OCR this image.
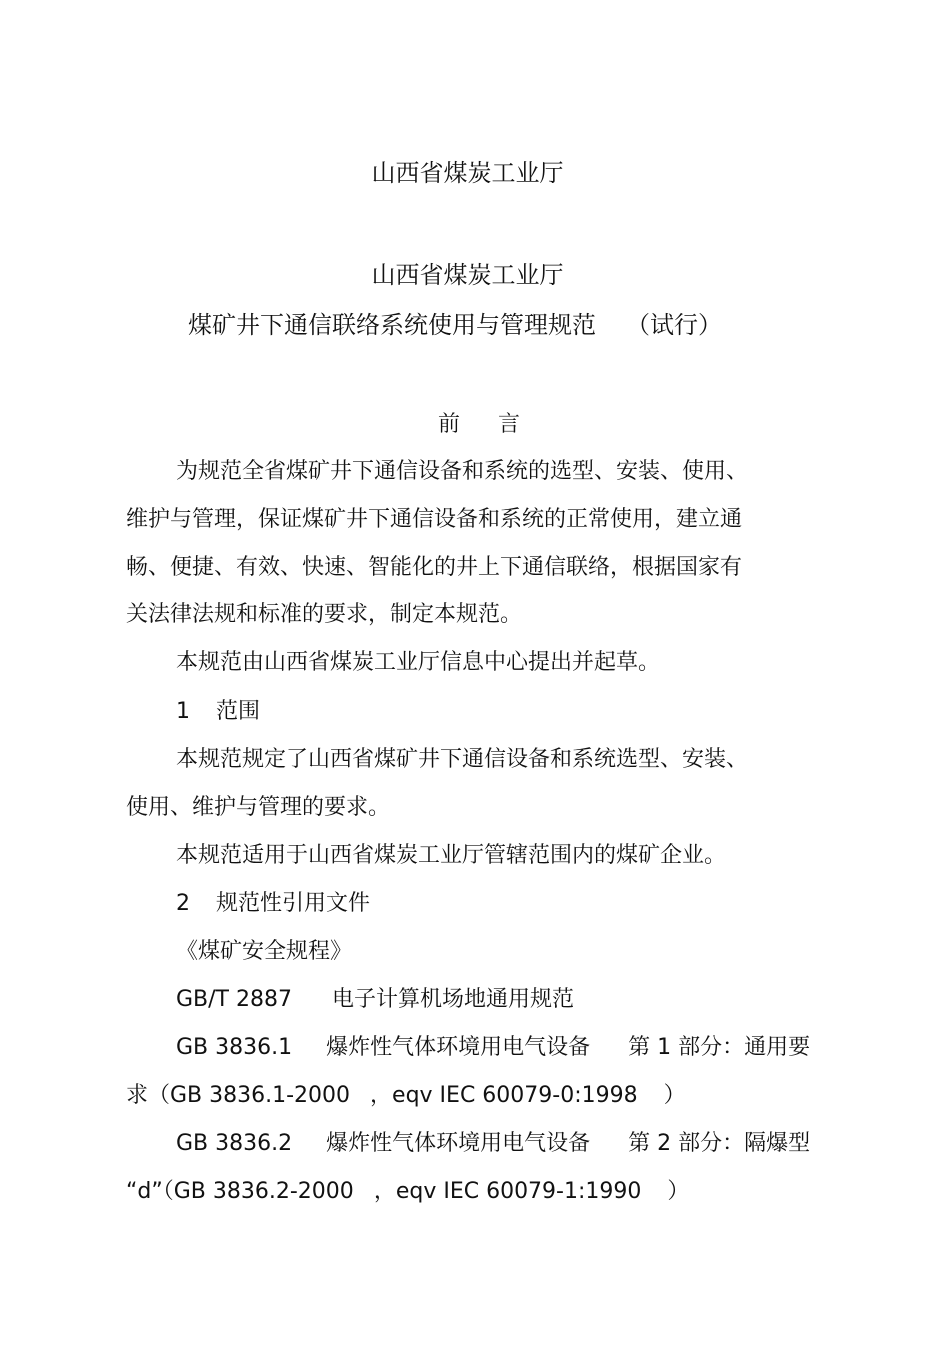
山西省煤炭工业厅
山西省煤炭工业厅
煤矿井下通信联络系统使用与管理规范 （试行）
前 言
为规范全省煤矿井下通信设备和系统的选型、安装、使用、
维护与管理，保证煤矿井下通信设备和系统的正常使用，建立通
畅、便捷、有效、快速、智能化的井上下通信联络，根据国家有
关法律法规和标准的要求，制定本规范。
本规范由山西省煤炭工业厅信息中心提出并起草。
1 范围
本规范规定了山西省煤矿井下通信设备和系统选型、安装、
使用、维护与管理的要求。
本规范适用于山西省煤炭工业厅管辖范围内的煤矿企业。
2 规范性引用文件
《煤矿安全规程》
GB/T 2887 电子计算机场地通用规范
GB 3836.1 爆炸性气体环境用电气设备 第 1 部分：通用要
求（GB 3836.1-2000 ，eqv IEC 60079-0:1998 ）
GB 3836.2 爆炸性气体环境用电气设备 第 2 部分：隔爆型
“d”（GB 3836.2-2000 ，eqv IEC 60079-1:1990 ）
